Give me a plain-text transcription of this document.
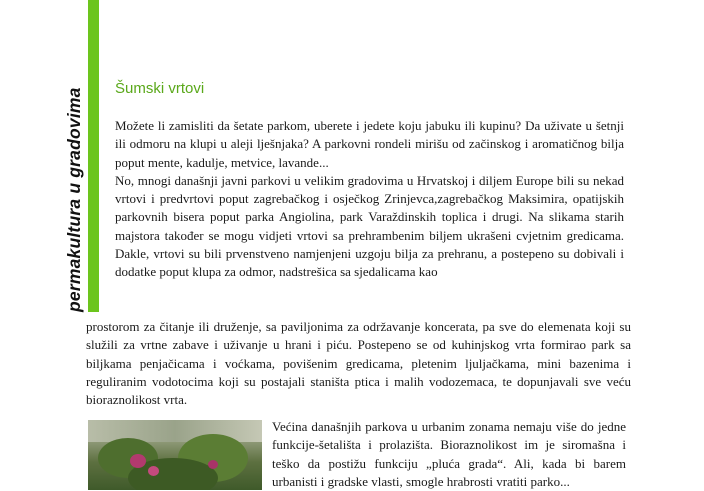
permakultura u gradovima Šumski vrtovi

Možete li zamisliti da šetate parkom, uberete i jedete koju jabuku ili kupinu? Da uživate u šetnji ili odmoru na klupi u aleji lješnjaka? A parkovni rondeli mirišu od začinskog i aromatičnog bilja poput mente, kadulje, metvice, lavande...

No, mnogi današnji javni parkovi u velikim gradovima u Hrvatskoj i diljem Europe bili su nekad vrtovi i predvrtovi poput zagrebačkog i osječkog Zrinjevca,zagrebačkog Maksimira, opatijskih parkovnih bisera poput parka Angiolina, park Varaždinskih toplica i drugi. Na slikama starih majstora također se mogu vidjeti vrtovi sa prehrambenim biljem ukrašeni cvjetnim gredicama. Dakle, vrtovi su bili prvenstveno namjenjeni uzgoju bilja za prehranu, a postepeno su dobivali i dodatke poput klupa za odmor, nadstrešica sa sjedalicama kao

prostorom za čitanje ili druženje, sa paviljonima za održavanje koncerata, pa sve do elemenata koji su služili za vrtne zabave i uživanje u hrani i piću. Postepeno se od kuhinjskog vrta formirao park sa biljkama penjačicama i voćkama, povišenim gredicama, pletenim ljuljačkama, mini bazenima i reguliranim vodotocima koji su postajali staništa ptica i malih vodozemaca, te dopunjavali sve veću bioraznolikost vrta.

Većina današnjih parkova u urbanim zonama nemaju više do jedne funkcije-šetališta i prolazišta. Bioraznolikost im je siromašna i teško da postižu funkciju „pluća grada“. Ali, kada bi barem urbanisti i gradske vlasti, smogle hrabrosti vratiti parko...
